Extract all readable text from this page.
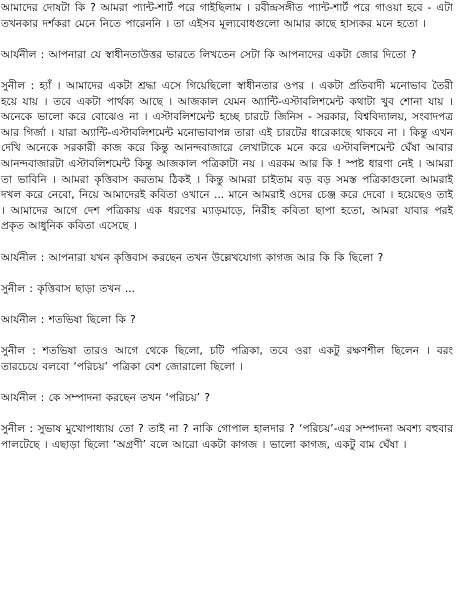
আমাদের দোষটা কি ? আমরা প্যান্ট-শার্ট পরে গাইছিলাম । রবীন্দ্রসঙ্গীত প্যান্ট-শার্ট পরে গাওয়া হবে - এটা তখনকার দর্শকরা মেনে নিতে পারেননি । তা এইসব মূল্যবোধগুলো আমার কাছে হাস্যকর মনে হতো ।

আর্যনীল : আপনারা যে স্বাধীনতাউত্তর ভারতে লিখতেন সেটা কি আপনাদের একটা জোর দিতো ?

সুনীল : হ্যাঁ । আমাদের একটা শ্রদ্ধা এসে গিয়েছিলো স্বাধীনতার ওপর । একটা প্রতিবাদী মনোভাব তৈরী হয়ে যায় । তবে একটা পার্থক্য আছে । আজকাল যেমন অ্যান্টি-এস্টাবলিশমেন্ট কথাটা খুব শোনা যায় । অনেকে ভালো করে বোঝেও না । এস্টাবলিশমেন্ট হচ্ছে চারটে জিনিস - সরকার, বিশ্ববিদ্যালয়, সংবাদপত্র আর গির্জা । যারা অ্যান্টি-এস্টাবলিশমেন্ট মনোভাবাপন্ন তারা এই চারটের ধারেকাছে থাকবে না । কিন্তু এখন দেখি অনেকে সরকারী কাজ করে কিন্তু আনন্দবাজারে লেখাটাকে মনে করে এস্টাবলিশমেন্ট ঘেঁষা আবার আনন্দবাজারটা এস্টাবলিশমেন্ট কিন্তু আজকাল পত্রিকাটা নয় । এরকম আর কি ! স্পষ্ট ধারণা নেই । আমরা তা ভাবিনি । আমরা কৃত্তিবাস করতাম ঠিকই । কিন্তু আমরা চাইতাম বড় বড় সমস্ত পত্রিকাগুলো আমরাই দখল করে নেবো, নিয়ে আমাদেরই কবিতা ওখানে ... মানে আমরাই ওদের চেঞ্জ করে দেবো । হয়েছেও তাই । আমাদের আগে দেশ পত্রিকায় এক ধরণের ম্যাড়মাড়ে, নিরীহ কবিতা ছাপা হতো, আমরা যাবার পরই প্রকৃত আধুনিক কবিতা এসেছে ।

আর্যনীল : আপনারা যখন কৃত্তিবাস করছেন তখন উল্লেখযোগ্য কাগজ আর কি কি ছিলো ?

সুনীল : কৃত্তিবাস ছাড়া তখন ...

আর্যনীল : শতভিষা ছিলো কি ?

সুনীল : শতভিষা তারও আগে থেকে ছিলো, চটি পত্রিকা, তবে ওরা একটু রক্ষণশীল ছিলেন । বরং তারচেয়ে বলবো ‘পরিচয়’ পত্রিকা বেশ জোরালো ছিলো ।

আর্যনীল : কে সম্পাদনা করছেন তখন ‘পরিচয়’ ?

সুনীল : সুভাষ মুখোপাধ্যায় তো ? তাই না ? নাকি গোপাল হালদার ? ‘পরিচয়’-এর সম্পাদনা অবশ্য বহুবার পালটেছে । এছাড়া ছিলো ‘অগ্রণী’ বলে আরো একটা কাগজ । ভালো কাগজ, একটু বাম ঘেঁষা ।
